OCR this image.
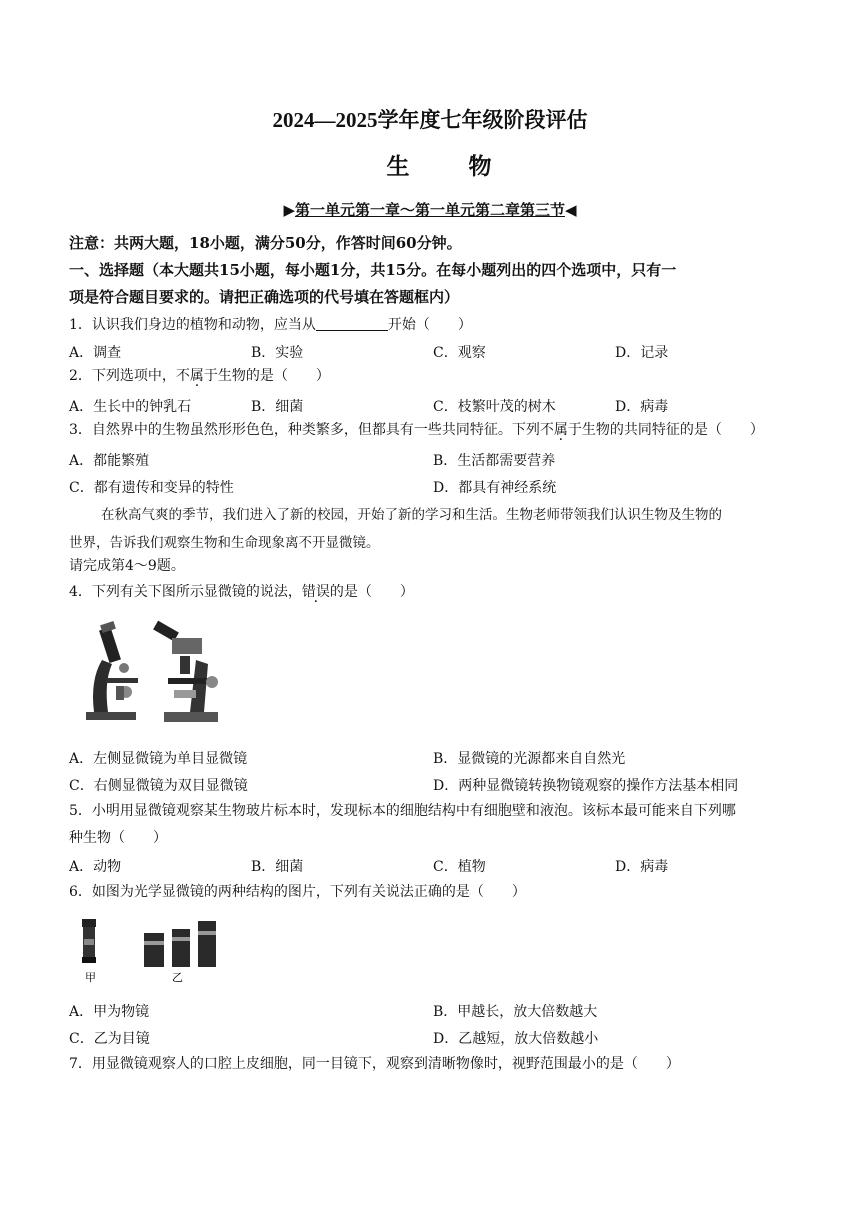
2024—2025学年度七年级阶段评估
生　物
▶第一单元第一章～第一单元第二章第三节◀
注意：共两大题，18小题，满分50分，作答时间60分钟。
一、选择题（本大题共15小题，每小题1分，共15分。在每小题列出的四个选项中，只有一
项是符合题目要求的。请把正确选项的代号填在答题框内）
1．认识我们身边的植物和动物，应当从	开始（　　）
A．调查	B．实验	C．观察	D．记录
2．下列选项中，不属于生物的是（　　）
A．生长中的钟乳石	B．细菌	C．枝繁叶茂的树木	D．病毒
3．自然界中的生物虽然形形色色，种类繁多，但都具有一些共同特征。下列不属于生物的共同特征的是（　　）
A．都能繁殖	B．生活都需要营养
C．都有遗传和变异的特性	D．都具有神经系统
在秋高气爽的季节，我们进入了新的校园，开始了新的学习和生活。生物老师带领我们认识生物及生物的
世界，告诉我们观察生物和生命现象离不开显微镜。
请完成第4～9题。
4．下列有关下图所示显微镜的说法，错误的是（　　）
A．左侧显微镜为单目显微镜	B．显微镜的光源都来自自然光
C．右侧显微镜为双目显微镜	D．两种显微镜转换物镜观察的操作方法基本相同
5．小明用显微镜观察某生物玻片标本时，发现标本的细胞结构中有细胞壁和液泡。该标本最可能来自下列哪
种生物（　　）
A．动物	B．细菌	C．植物	D．病毒
6．如图为光学显微镜的两种结构的图片，下列有关说法正确的是（　　）
甲	乙
A．甲为物镜	B．甲越长，放大倍数越大
C．乙为目镜	D．乙越短，放大倍数越小
7．用显微镜观察人的口腔上皮细胞，同一目镜下，观察到清晰物像时，视野范围最小的是（　　）
